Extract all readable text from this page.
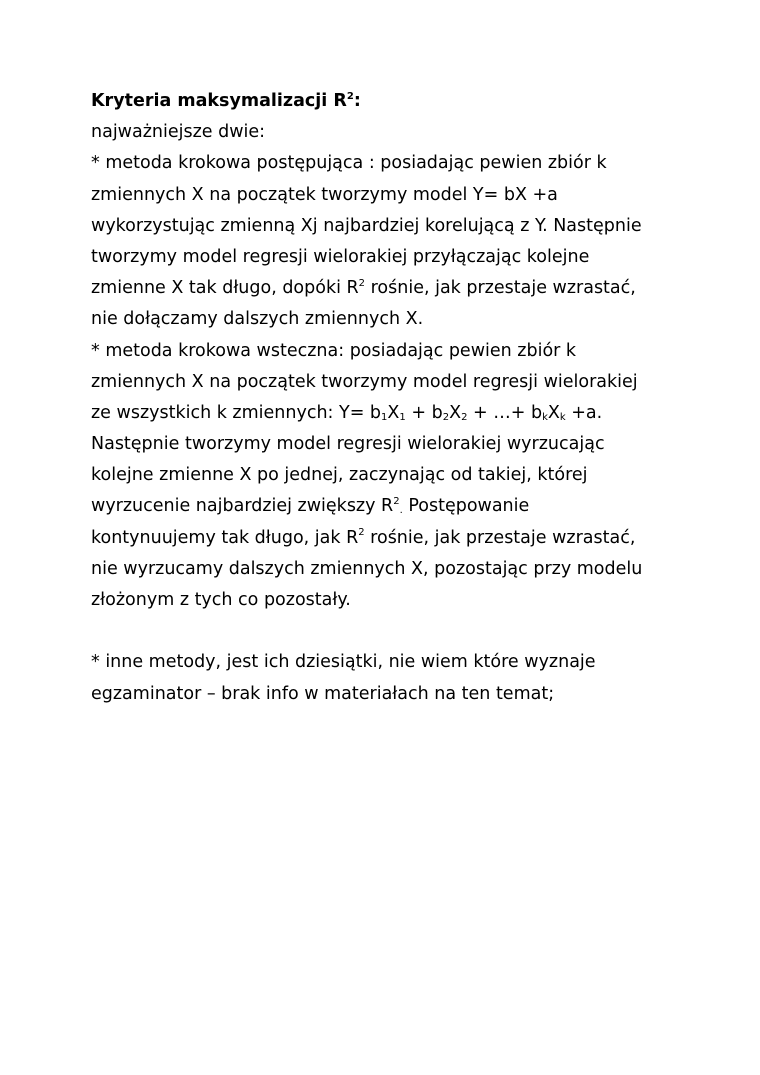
Kryteria maksymalizacji $R^2$:
najważniejsze dwie:
* metoda krokowa postępująca : posiadając pewien zbiór k
zmiennych X na początek tworzymy model Y= bX +a
wykorzystując zmienną Xj najbardziej korelującą z Y. Następnie
tworzymy model regresji wielorakiej przyłączając kolejne
zmienne X tak długo, dopóki $R^2$ rośnie, jak przestaje wzrastać,
nie dołączamy dalszych zmiennych X.
* metoda krokowa wsteczna: posiadając pewien zbiór k
zmiennych X na początek tworzymy model regresji wielorakiej
ze wszystkich k zmiennych: $Y= b_1X_1 + b_2X_2$ + …+ $b_kX_k +a$.
Następnie tworzymy model regresji wielorakiej wyrzucając
kolejne zmienne X po jednej, zaczynając od takiej, której
wyrzucenie najbardziej zwiększy $R^2_.$ Postępowanie
kontynuujemy tak długo, jak $R^2$ rośnie, jak przestaje wzrastać,
nie wyrzucamy dalszych zmiennych X, pozostając przy modelu
złożonym z tych co pozostały.
* inne metody, jest ich dziesiątki, nie wiem które wyznaje
egzaminator – brak info w materiałach na ten temat;
